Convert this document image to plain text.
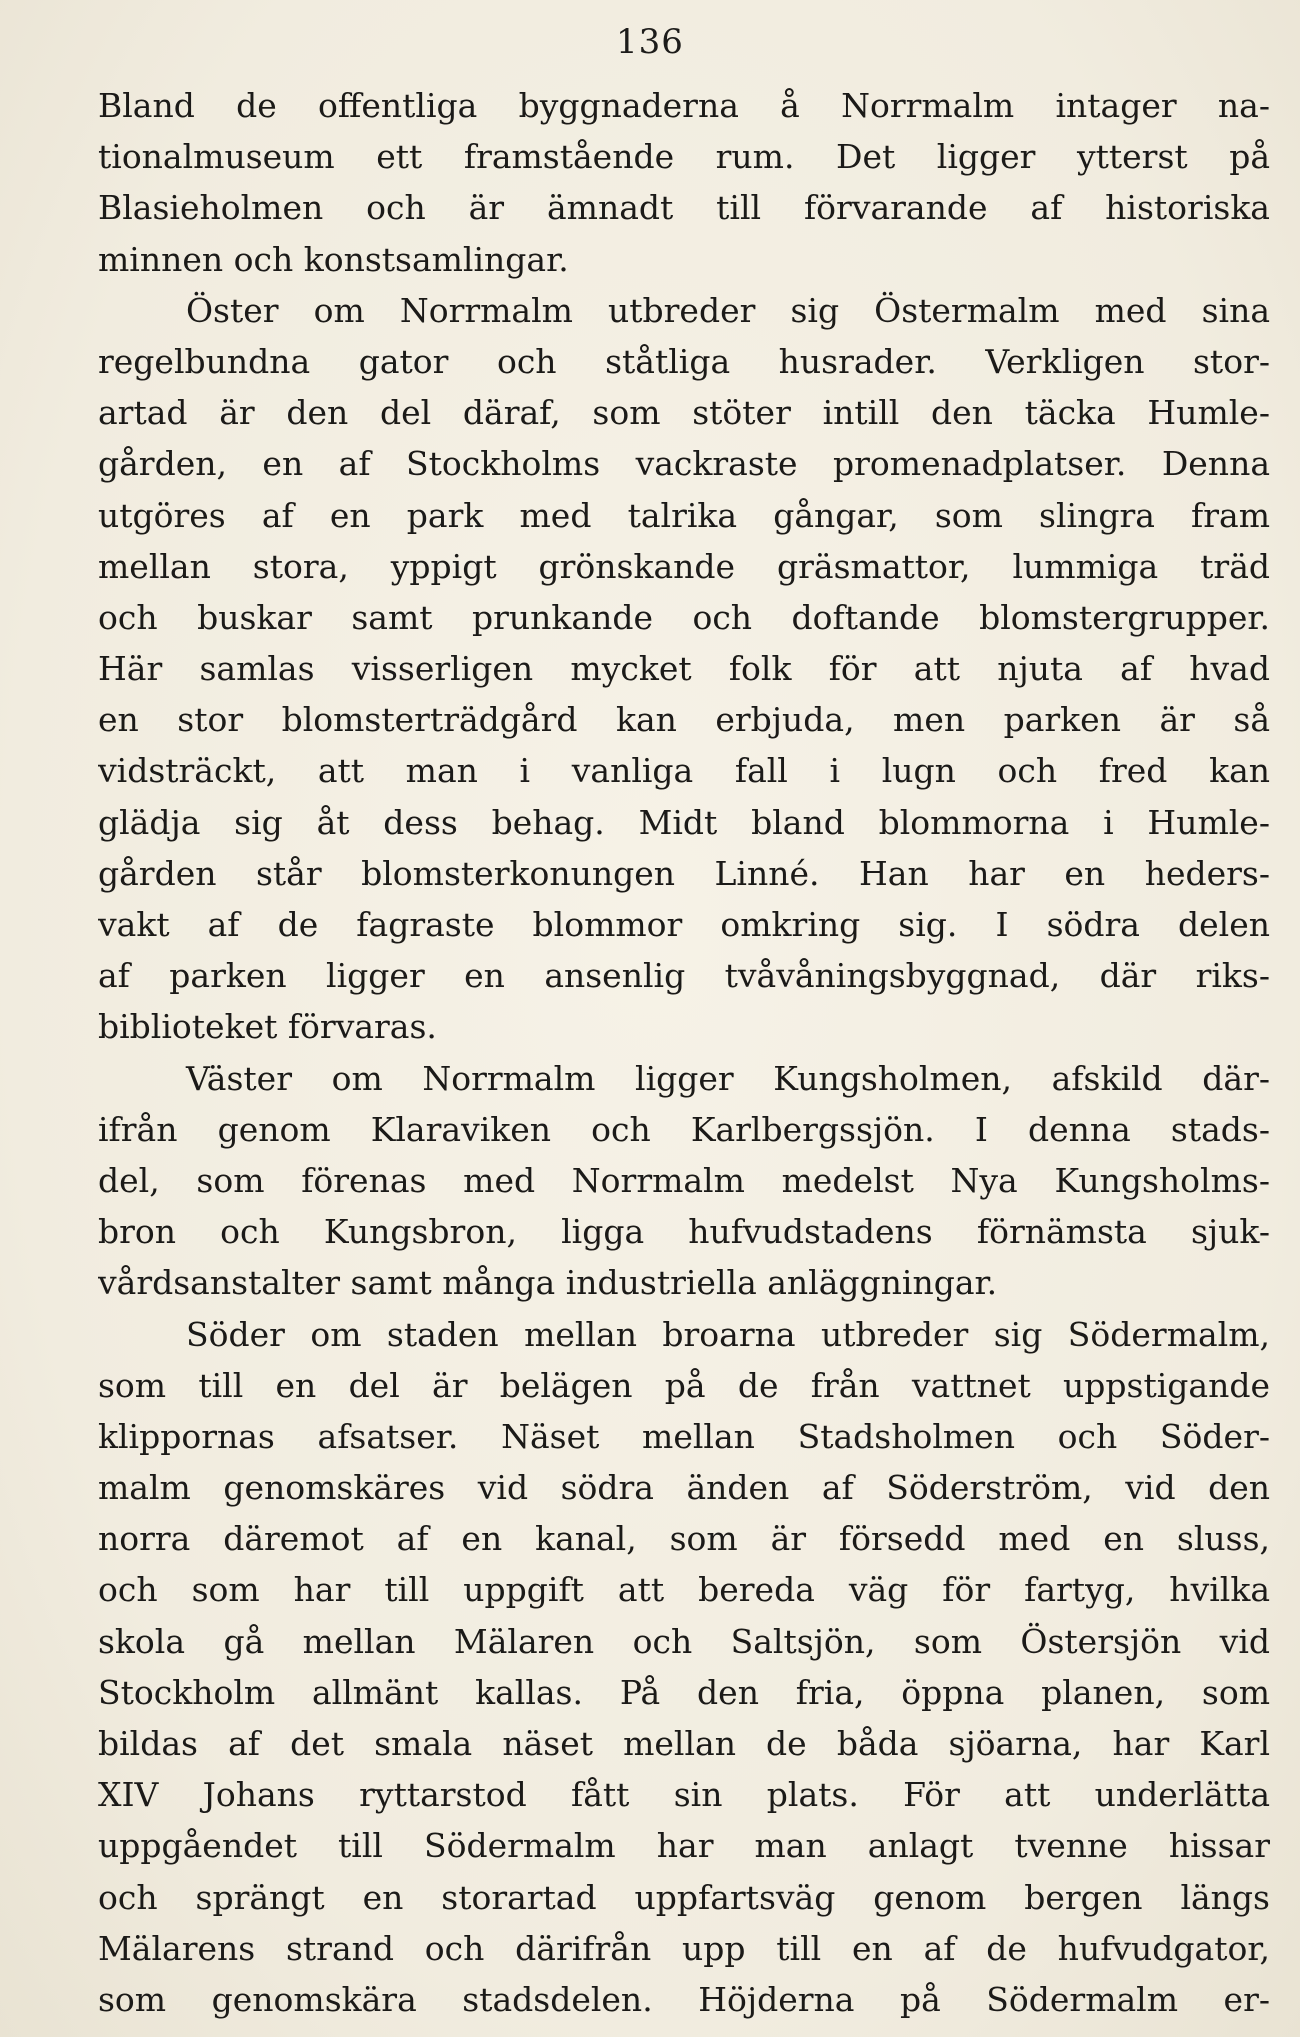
136
Bland de offentliga byggnaderna å Norrmalm intager na-
tionalmuseum ett framstående rum. Det ligger ytterst på
Blasieholmen och är ämnadt till förvarande af historiska
minnen och konstsamlingar.
Öster om Norrmalm utbreder sig Östermalm med sina
regelbundna gator och ståtliga husrader. Verkligen stor-
artad är den del däraf, som stöter intill den täcka Humle-
gården, en af Stockholms vackraste promenadplatser. Denna
utgöres af en park med talrika gångar, som slingra fram
mellan stora, yppigt grönskande gräsmattor, lummiga träd
och buskar samt prunkande och doftande blomstergrupper.
Här samlas visserligen mycket folk för att njuta af hvad
en stor blomsterträdgård kan erbjuda, men parken är så
vidsträckt, att man i vanliga fall i lugn och fred kan
glädja sig åt dess behag. Midt bland blommorna i Humle-
gården står blomsterkonungen Linné. Han har en heders-
vakt af de fagraste blommor omkring sig. I södra delen
af parken ligger en ansenlig tvåvåningsbyggnad, där riks-
biblioteket förvaras.
Väster om Norrmalm ligger Kungsholmen, afskild där-
ifrån genom Klaraviken och Karlbergssjön. I denna stads-
del, som förenas med Norrmalm medelst Nya Kungsholms-
bron och Kungsbron, ligga hufvudstadens förnämsta sjuk-
vårdsanstalter samt många industriella anläggningar.
Söder om staden mellan broarna utbreder sig Södermalm,
som till en del är belägen på de från vattnet uppstigande
klippornas afsatser. Näset mellan Stadsholmen och Söder-
malm genomskäres vid södra änden af Söderström, vid den
norra däremot af en kanal, som är försedd med en sluss,
och som har till uppgift att bereda väg för fartyg, hvilka
skola gå mellan Mälaren och Saltsjön, som Östersjön vid
Stockholm allmänt kallas. På den fria, öppna planen, som
bildas af det smala näset mellan de båda sjöarna, har Karl
XIV Johans ryttarstod fått sin plats. För att underlätta
uppgåendet till Södermalm har man anlagt tvenne hissar
och sprängt en storartad uppfartsväg genom bergen längs
Mälarens strand och därifrån upp till en af de hufvudgator,
som genomskära stadsdelen. Höjderna på Södermalm er-
